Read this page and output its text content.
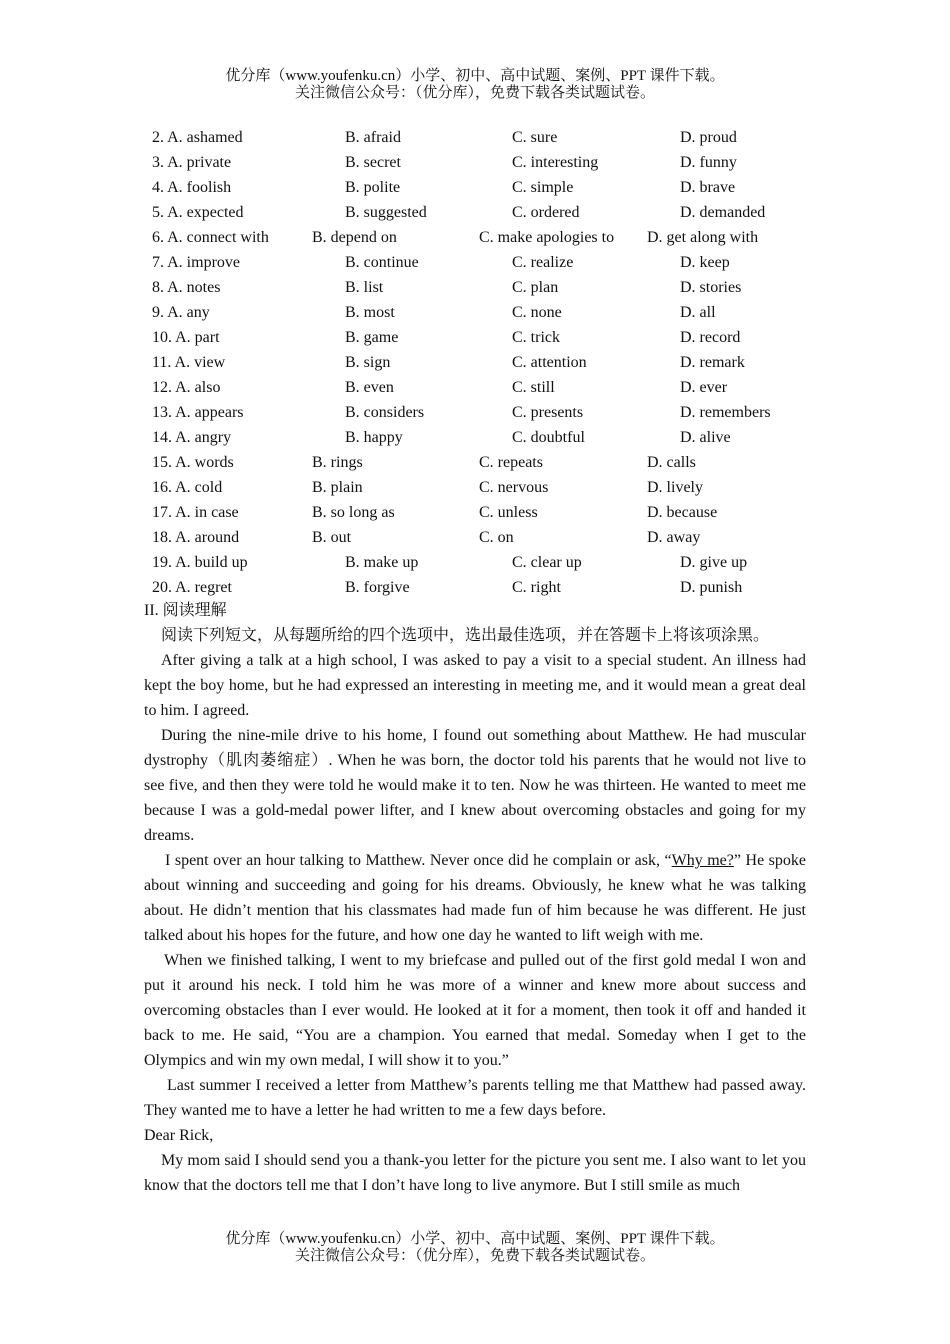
优分库（www.youfenku.cn）小学、初中、高中试题、案例、PPT 课件下载。
关注微信公众号：（优分库），免费下载各类试题试卷。
2. A. ashamed	B. afraid	C. sure	D. proud
3. A. private	B. secret	C. interesting	D. funny
4. A. foolish	B. polite	C. simple	D. brave
5. A. expected	B. suggested	C. ordered	D. demanded
6. A. connect with	B. depend on	C. make apologies to D. get along with
7. A. improve	B. continue	C. realize	D. keep
8. A. notes	B. list	C. plan	D. stories
9. A. any	B. most	C. none	D. all
10. A. part	B. game	C. trick	D. record
11. A. view	B. sign	C. attention	D. remark
12. A. also	B. even	C. still	D. ever
13. A. appears	B. considers	C. presents	D. remembers
14. A. angry	B. happy	C. doubtful	D. alive
15. A. words	B. rings	C. repeats	D. calls
16. A. cold	B. plain	C. nervous	D. lively
17. A. in case	B. so long as	C. unless	D. because
18. A. around	B. out	C. on	D. away
19. A. build up	B. make up	C. clear up	D. give up
20. A. regret	B. forgive	C. right	D. punish

II. 阅读理解

阅读下列短文，从每题所给的四个选项中，选出最佳选项，并在答题卡上将该项涂黑。

After giving a talk at a high school, I was asked to pay a visit to a special student. An illness had kept the boy home, but he had expressed an interesting in meeting me, and it would mean a great deal to him. I agreed.

During the nine-mile drive to his home, I found out something about Matthew. He had muscular dystrophy（肌肉萎缩症）. When he was born, the doctor told his parents that he would not live to see five, and then they were told he would make it to ten. Now he was thirteen. He wanted to meet me because I was a gold-medal power lifter, and I knew about overcoming obstacles and going for my dreams.

I spent over an hour talking to Matthew. Never once did he complain or ask, “Why me?” He spoke about winning and succeeding and going for his dreams. Obviously, he knew what he was talking about. He didn’t mention that his classmates had made fun of him because he was different. He just talked about his hopes for the future, and how one day he wanted to lift weigh with me.

When we finished talking, I went to my briefcase and pulled out of the first gold medal I won and put it around his neck. I told him he was more of a winner and knew more about success and overcoming obstacles than I ever would. He looked at it for a moment, then took it off and handed it back to me. He said, “You are a champion. You earned that medal. Someday when I get to the Olympics and win my own medal, I will show it to you.”

Last summer I received a letter from Matthew’s parents telling me that Matthew had passed away. They wanted me to have a letter he had written to me a few days before.

Dear Rick,

My mom said I should send you a thank-you letter for the picture you sent me. I also want to let you know that the doctors tell me that I don’t have long to live anymore. But I still smile as much

优分库（www.youfenku.cn）小学、初中、高中试题、案例、PPT 课件下载。
关注微信公众号：（优分库），免费下载各类试题试卷。
